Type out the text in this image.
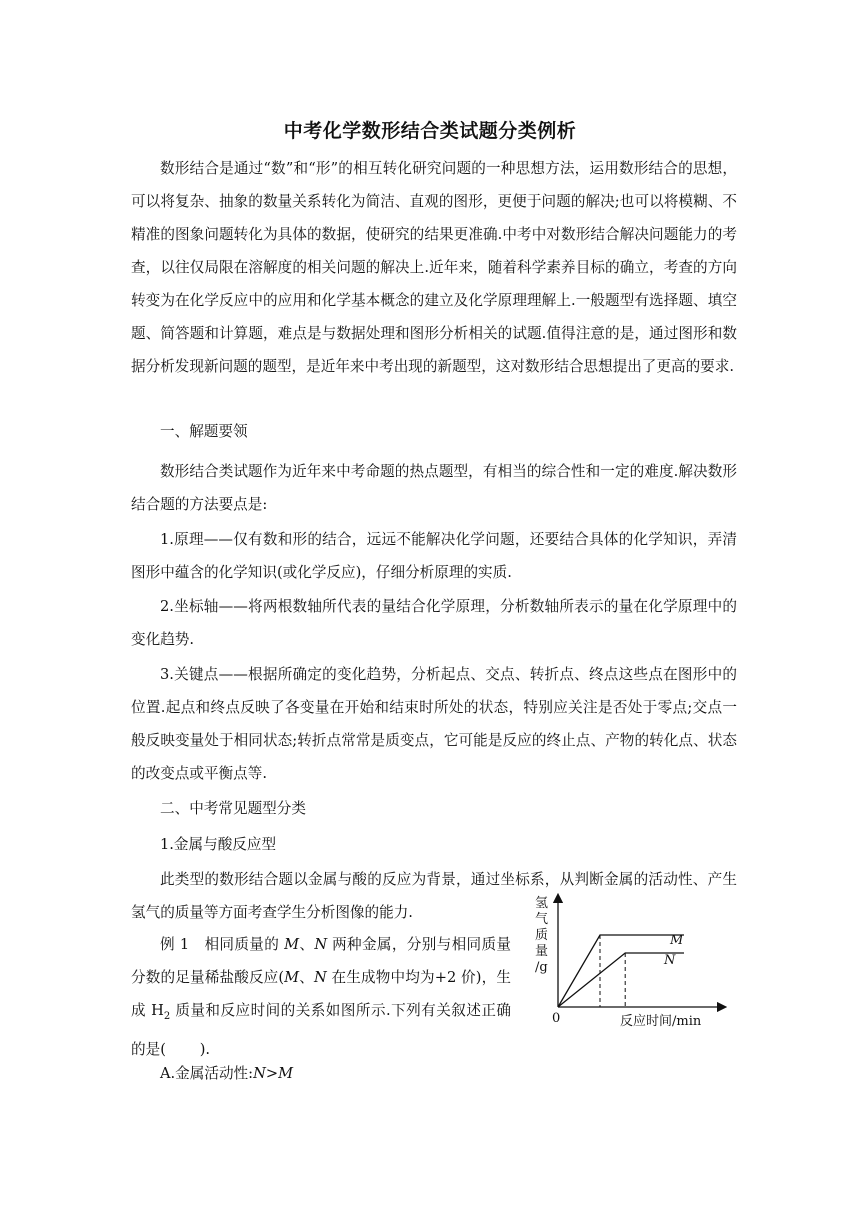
中考化学数形结合类试题分类例析

数形结合是通过“数”和“形”的相互转化研究问题的一种思想方法，运用数形结合的思想，可以将复杂、抽象的数量关系转化为简洁、直观的图形，更便于问题的解决;也可以将模糊、不精准的图象问题转化为具体的数据，使研究的结果更准确.中考中对数形结合解决问题能力的考查，以往仅局限在溶解度的相关问题的解决上.近年来，随着科学素养目标的确立，考查的方向转变为在化学反应中的应用和化学基本概念的建立及化学原理理解上.一般题型有选择题、填空题、简答题和计算题，难点是与数据处理和图形分析相关的试题.值得注意的是，通过图形和数据分析发现新问题的题型，是近年来中考出现的新题型，这对数形结合思想提出了更高的要求.

一、解题要领

数形结合类试题作为近年来中考命题的热点题型，有相当的综合性和一定的难度.解决数形结合题的方法要点是:

1.原理——仅有数和形的结合，远远不能解决化学问题，还要结合具体的化学知识，弄清图形中蕴含的化学知识(或化学反应)，仔细分析原理的实质.

2.坐标轴——将两根数轴所代表的量结合化学原理，分析数轴所表示的量在化学原理中的变化趋势.

3.关键点——根据所确定的变化趋势，分析起点、交点、转折点、终点这些点在图形中的位置.起点和终点反映了各变量在开始和结束时所处的状态，特别应关注是否处于零点;交点一般反映变量处于相同状态;转折点常常是质变点，它可能是反应的终止点、产物的转化点、状态的改变点或平衡点等.

二、中考常见题型分类

1.金属与酸反应型

此类型的数形结合题以金属与酸的反应为背景，通过坐标系，从判断金属的活动性、产生氢气的质量等方面考查学生分析图像的能力.

例 1　相同质量的 M、N 两种金属，分别与相同质量分数的足量稀盐酸反应(M、N 在生成物中均为+2 价)，生成 $H_2$ 质量和反应时间的关系如图所示.下列有关叙述正确的是(　　 ).

A.金属活动性:N>M

氢
气
质
量
/g
0	反应时间/min
M
N
